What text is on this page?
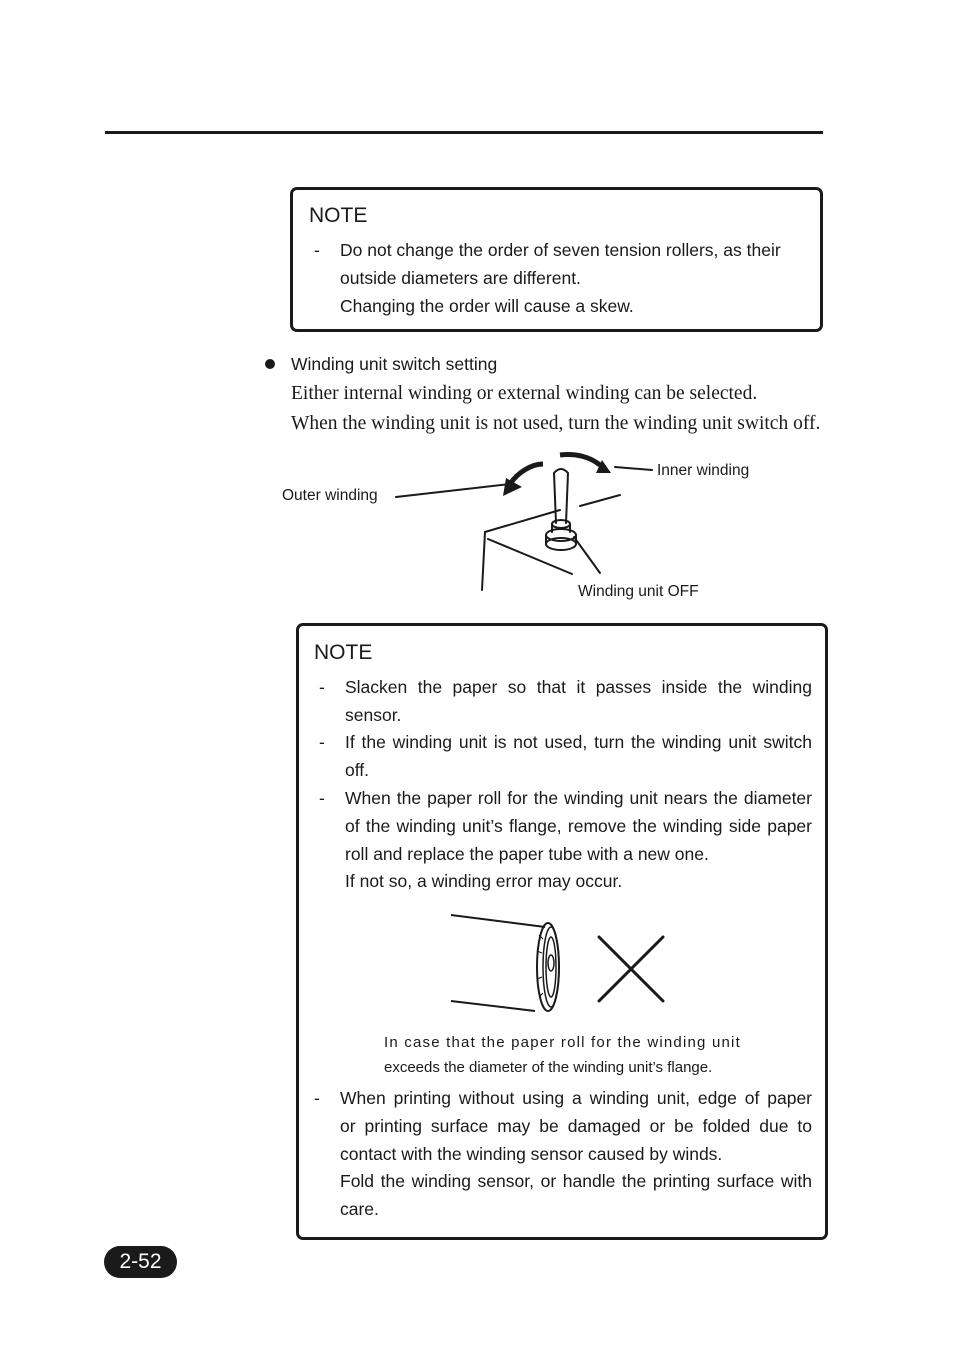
NOTE
- Do not change the order of seven tension rollers, as their
outside diameters are different.
Changing the order will cause a skew.
Winding unit switch setting
Either internal winding or external winding can be selected.
When the winding unit is not used, turn the winding unit switch off.
Inner winding
Outer winding
Winding unit OFF
NOTE
- Slacken the paper so that it passes inside the winding
sensor.
- If the winding unit is not used, turn the winding unit switch
off.
- When the paper roll for the winding unit nears the diameter
of the winding unit’s flange, remove the winding side paper
roll and replace the paper tube with a new one.
If not so, a winding error may occur.
In case that the paper roll for the winding unit
exceeds the diameter of the winding unit’s flange.
- When printing without using a winding unit, edge of paper
or printing surface may be damaged or be folded due to
contact with the winding sensor caused by winds.
Fold the winding sensor, or handle the printing surface with
care.
2-52
